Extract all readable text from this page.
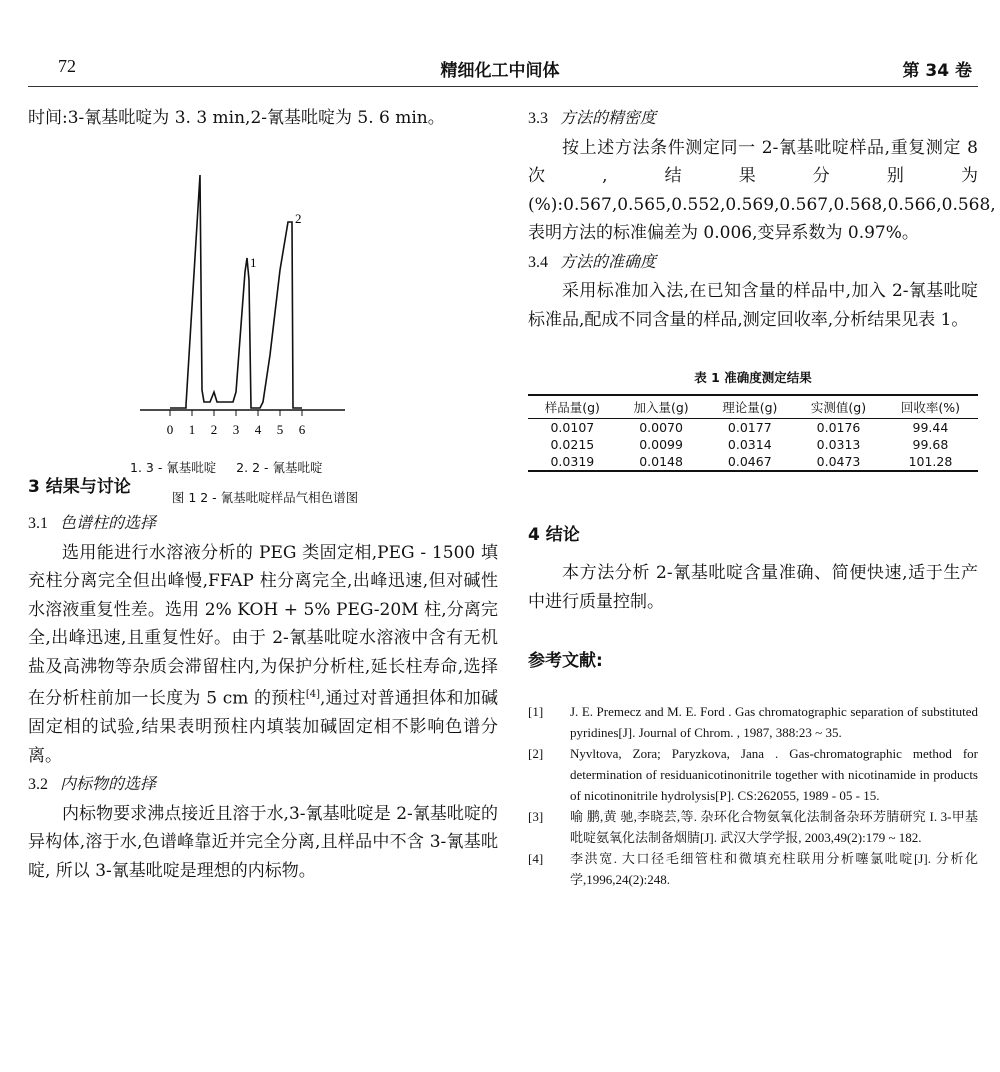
72	精细化工中间体	第 34 卷

时间:3-氰基吡啶为 3. 3 min,2-氰基吡啶为 5. 6 min。

3 结果与讨论
3.1 色谱柱的选择

选用能进行水溶液分析的 PEG 类固定相,PEG - 1500 填充柱分离完全但出峰慢,FFAP 柱分离完全,出峰迅速,但对碱性水溶液重复性差。选用 2% KOH + 5% PEG-20M 柱,分离完全,出峰迅速,且重复性好。由于 2-氰基吡啶水溶液中含有无机盐及高沸物等杂质会滞留柱内,为保护分析柱,延长柱寿命,选择在分析柱前加一长度为 5 cm 的预柱[4],通过对普通担体和加碱固定相的试验,结果表明预柱内填装加碱固定相不影响色谱分离。

3.2 内标物的选择

内标物要求沸点接近且溶于水,3-氰基吡啶是 2-氰基吡啶的异构体,溶于水,色谱峰靠近并完全分离,且样品中不含 3-氰基吡啶, 所以 3-氰基吡啶是理想的内标物。

1
2
0 1 2 3 4 5 6
1. 3 - 氰基吡啶     2. 2 - 氰基吡啶
图 1 2 - 氰基吡啶样品气相色谱图
3.3 方法的精密度

按上述方法条件测定同一 2-氰基吡啶样品,重复测定 8 次,结果分别为(%):0.567,0.565,0.552,0.569,0.567,0.568,0.566,0.568,表明方法的标准偏差为 0.006,变异系数为 0.97%。

3.4 方法的准确度

采用标准加入法,在已知含量的样品中,加入 2-氰基吡啶标准品,配成不同含量的样品,测定回收率,分析结果见表 1。

表 1 准确度测定结果

样品量(g)	加入量(g)	理论量(g)	实测值(g)	回收率(%)
0.0107	0.0070	0.0177	0.0176	99.44
0.0215	0.0099	0.0314	0.0313	99.68
0.0319	0.0148	0.0467	0.0473	101.28
4 结论

本方法分析 2-氰基吡啶含量准确、简便快速,适于生产中进行质量控制。

参考文献:

[1] J. E. Premecz and M. E. Ford . Gas chromatographic separation of substituted pyridines[J]. Journal of Chrom. , 1987, 388:23 ~ 35.

[2] Nyvltova, Zora; Paryzkova, Jana . Gas-chromatographic method for determination of residuanicotinonitrile together with nicotinamide in products of nicotinonitrile hydrolysis[P]. CS:262055, 1989 - 05 - 15.

[3] 喻 鹏,黄 驰,李晓芸,等. 杂环化合物氨氧化法制备杂环芳腈研究 I. 3-甲基吡啶氨氧化法制备烟腈[J]. 武汉大学学报, 2003,49(2):179 ~ 182.

[4] 李洪宽. 大口径毛细管柱和微填充柱联用分析噻氯吡啶[J]. 分析化学,1996,24(2):248.
